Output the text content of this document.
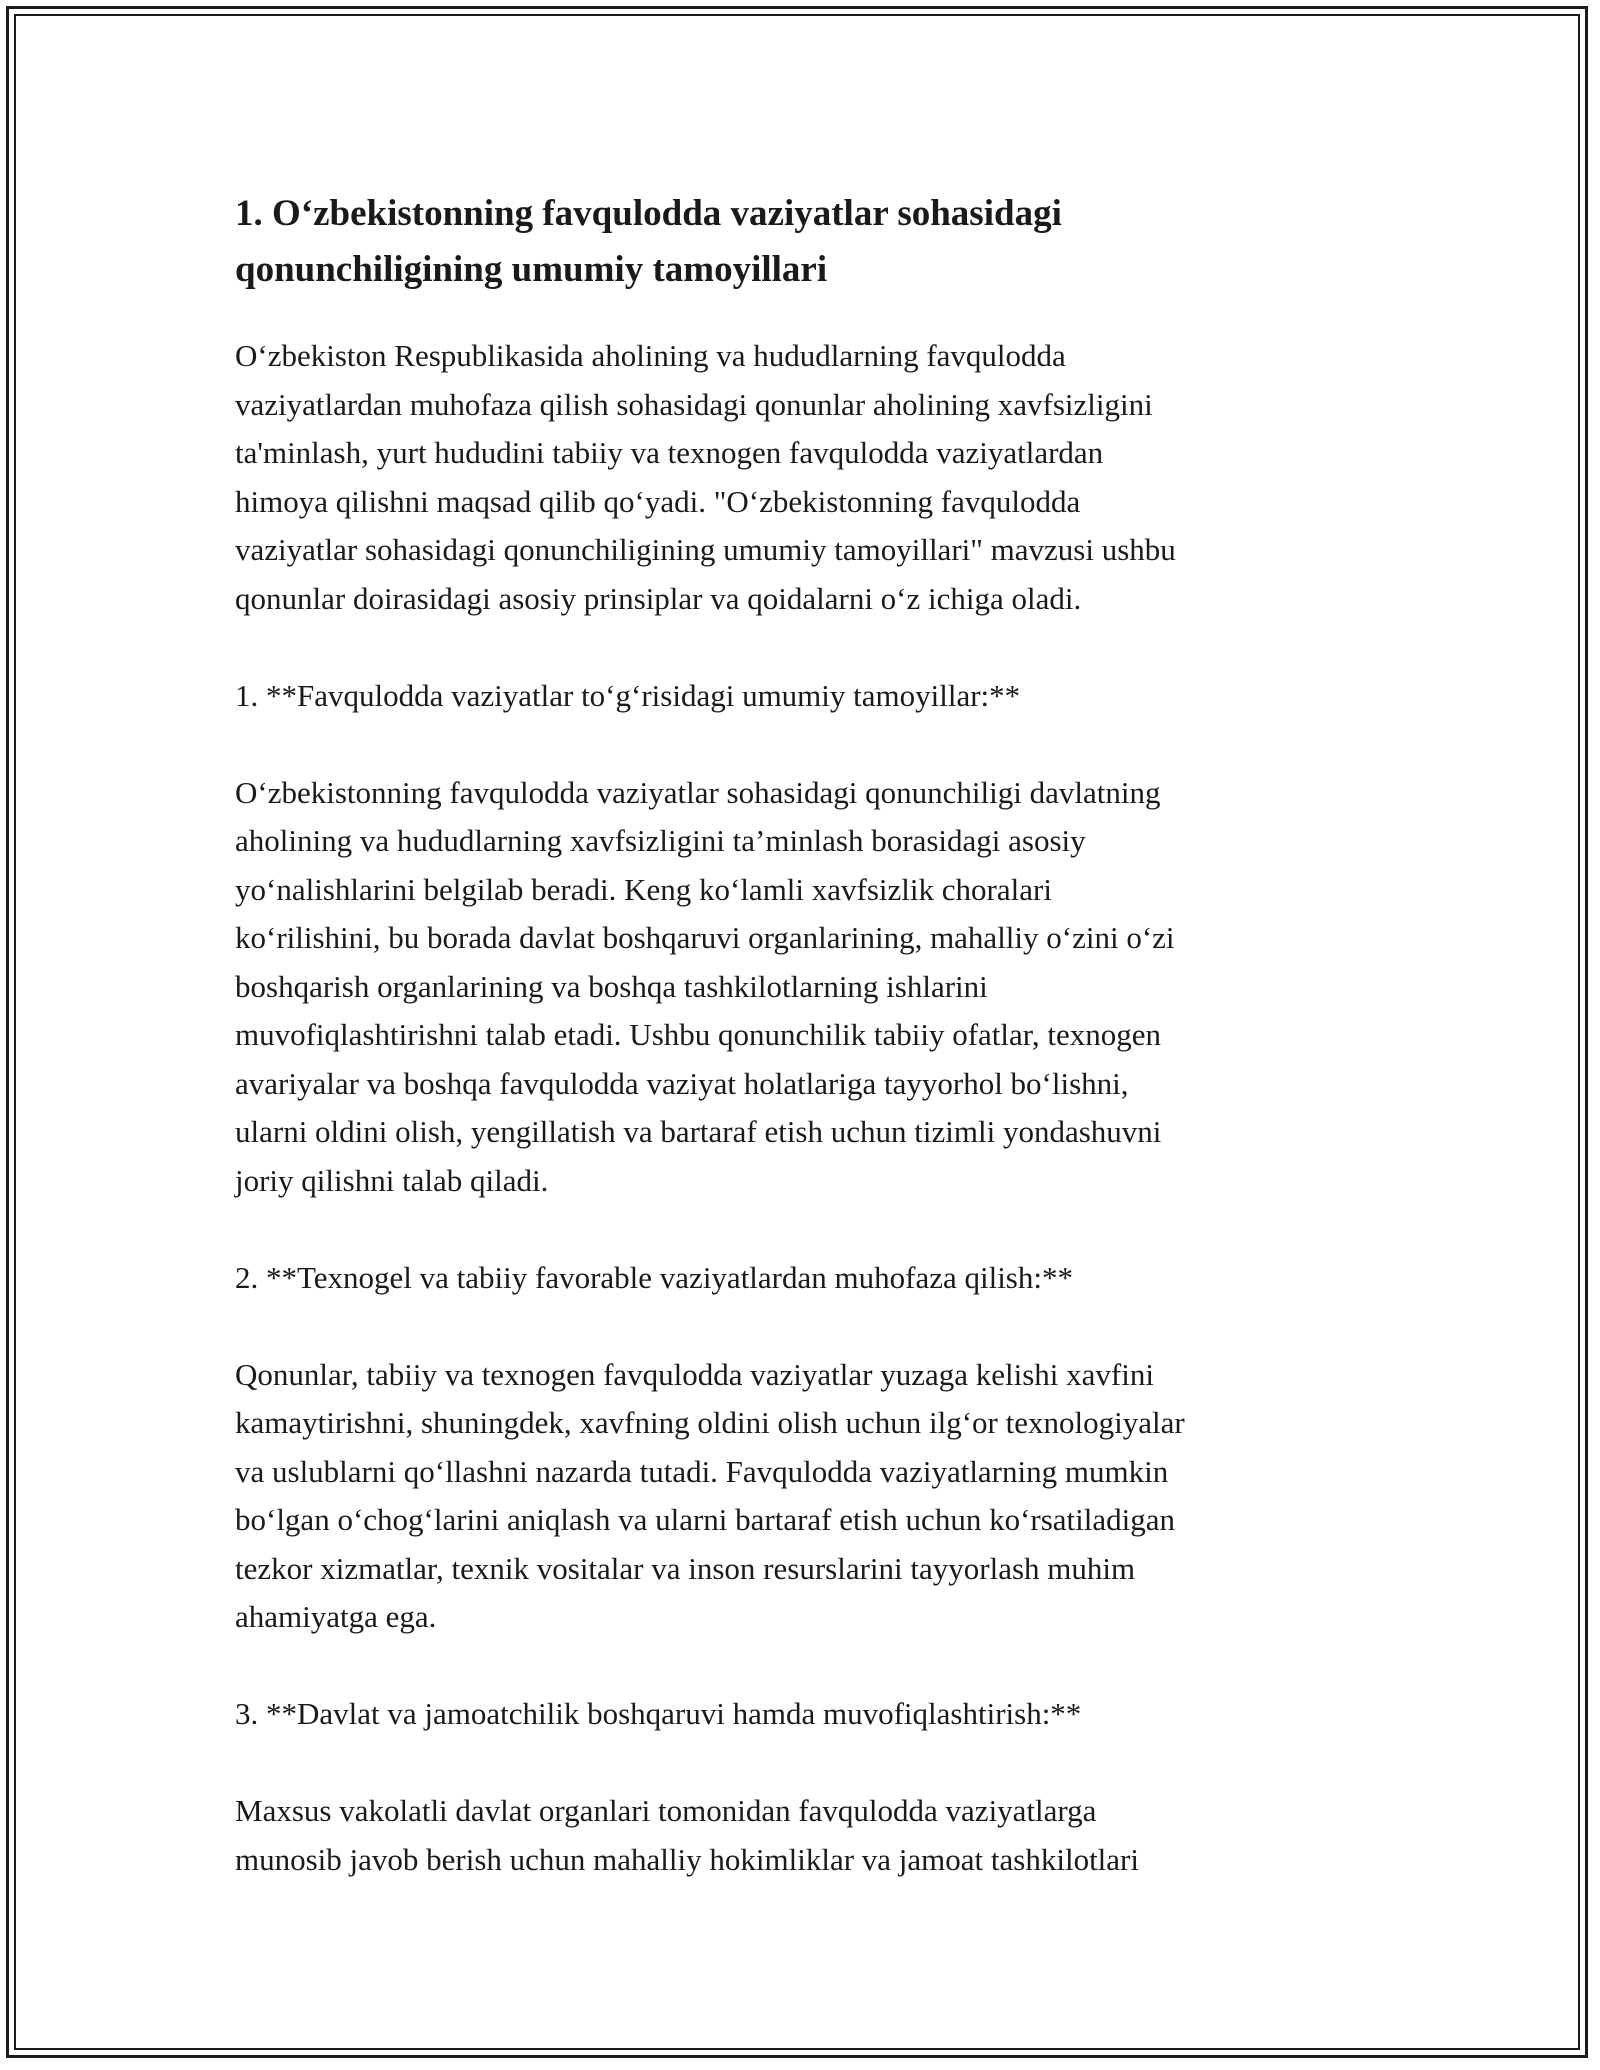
1. O‘zbekistonning favqulodda vaziyatlar sohasidagi qonunchiligining umumiy tamoyillari

O‘zbekiston Respublikasida aholining va hududlarning favqulodda
vaziyatlardan muhofaza qilish sohasidagi qonunlar aholining xavfsizligini
ta'minlash, yurt hududini tabiiy va texnogen favqulodda vaziyatlardan
himoya qilishni maqsad qilib qo‘yadi. "O‘zbekistonning favqulodda
vaziyatlar sohasidagi qonunchiligining umumiy tamoyillari" mavzusi ushbu
qonunlar doirasidagi asosiy prinsiplar va qoidalarni o‘z ichiga oladi.

1. **Favqulodda vaziyatlar to‘g‘risidagi umumiy tamoyillar:**

O‘zbekistonning favqulodda vaziyatlar sohasidagi qonunchiligi davlatning
aholining va hududlarning xavfsizligini ta’minlash borasidagi asosiy
yo‘nalishlarini belgilab beradi. Keng ko‘lamli xavfsizlik choralari
ko‘rilishini, bu borada davlat boshqaruvi organlarining, mahalliy o‘zini o‘zi
boshqarish organlarining va boshqa tashkilotlarning ishlarini
muvofiqlashtirishni talab etadi. Ushbu qonunchilik tabiiy ofatlar, texnogen
avariyalar va boshqa favqulodda vaziyat holatlariga tayyorhol bo‘lishni,
ularni oldini olish, yengillatish va bartaraf etish uchun tizimli yondashuvni
joriy qilishni talab qiladi.

2. **Texnogel va tabiiy favorable vaziyatlardan muhofaza qilish:**

Qonunlar, tabiiy va texnogen favqulodda vaziyatlar yuzaga kelishi xavfini
kamaytirishni, shuningdek, xavfning oldini olish uchun ilg‘or texnologiyalar
va uslublarni qo‘llashni nazarda tutadi. Favqulodda vaziyatlarning mumkin
bo‘lgan o‘chog‘larini aniqlash va ularni bartaraf etish uchun ko‘rsatiladigan
tezkor xizmatlar, texnik vositalar va inson resurslarini tayyorlash muhim
ahamiyatga ega.

3. **Davlat va jamoatchilik boshqaruvi hamda muvofiqlashtirish:**

Maxsus vakolatli davlat organlari tomonidan favqulodda vaziyatlarga
munosib javob berish uchun mahalliy hokimliklar va jamoat tashkilotlari
